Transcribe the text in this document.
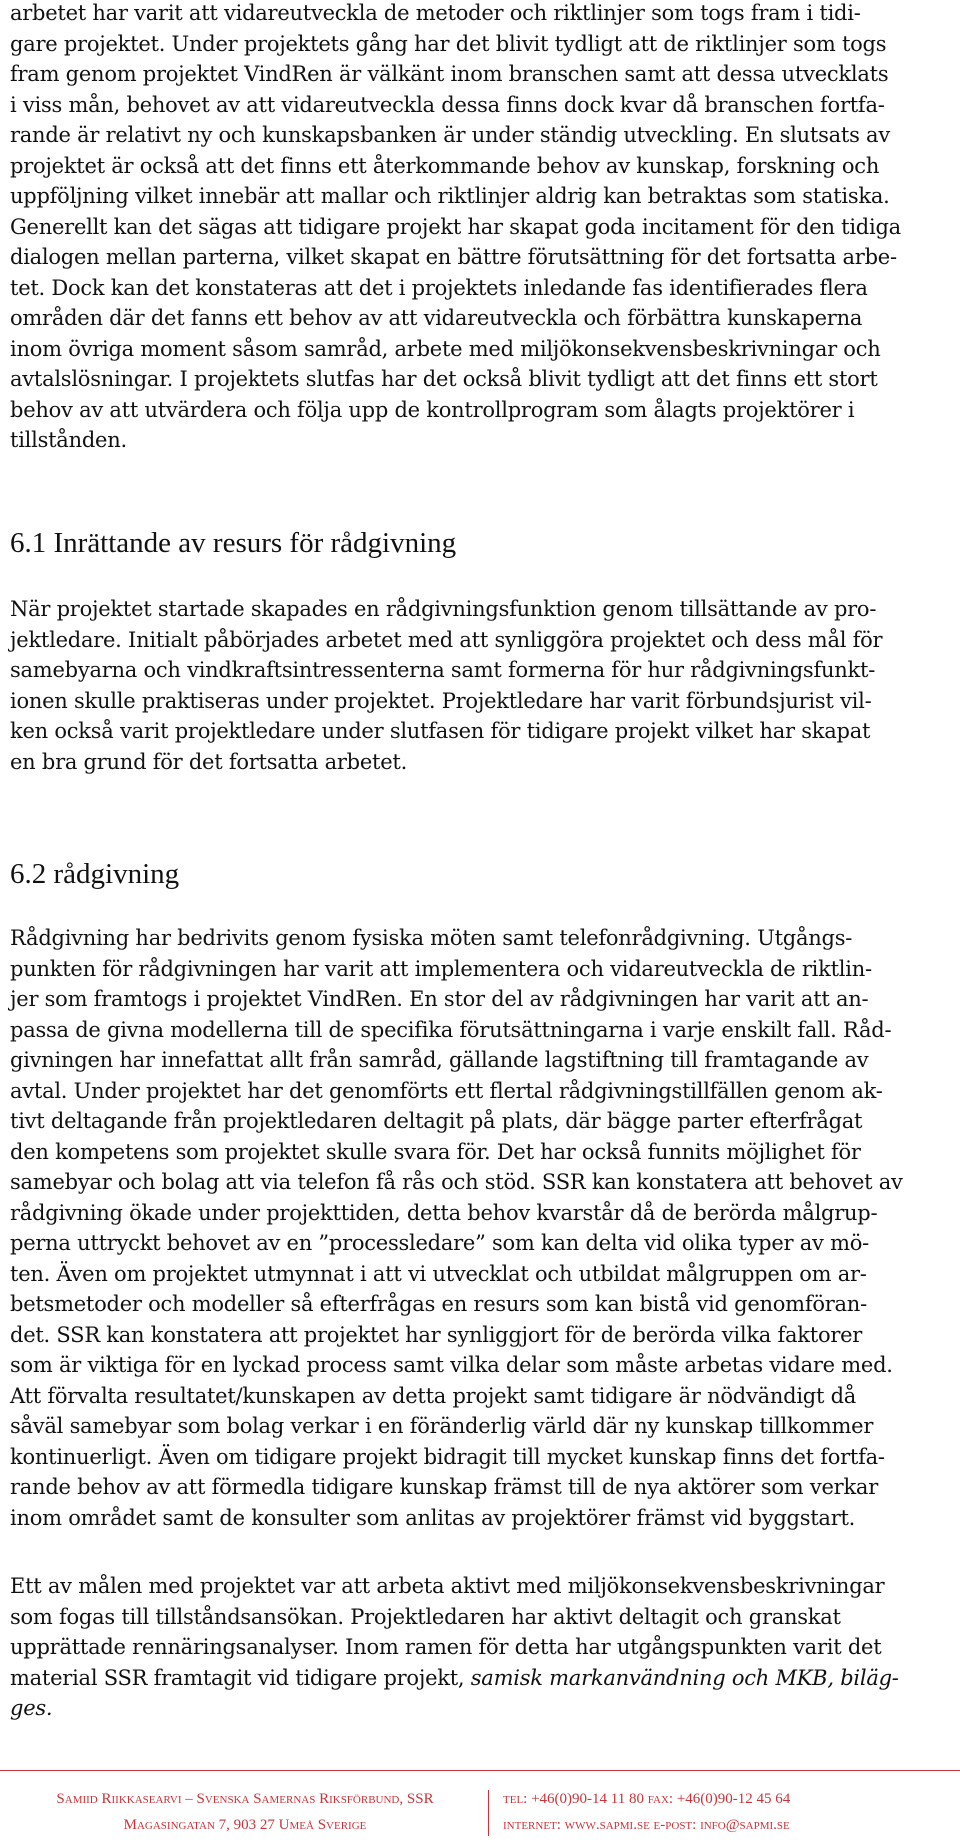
arbetet har varit att vidareutveckla de metoder och riktlinjer som togs fram i tidi-
gare projektet. Under projektets gång har det blivit tydligt att de riktlinjer som togs
fram genom projektet VindRen är välkänt inom branschen samt att dessa utvecklats
i viss mån, behovet av att vidareutveckla dessa finns dock kvar då branschen fortfa-
rande är relativt ny och kunskapsbanken är under ständig utveckling. En slutsats av
projektet är också att det finns ett återkommande behov av kunskap, forskning och
uppföljning vilket innebär att mallar och riktlinjer aldrig kan betraktas som statiska.
Generellt kan det sägas att tidigare projekt har skapat goda incitament för den tidiga
dialogen mellan parterna, vilket skapat en bättre förutsättning för det fortsatta arbe-
tet. Dock kan det konstateras att det i projektets inledande fas identifierades flera
områden där det fanns ett behov av att vidareutveckla och förbättra kunskaperna
inom övriga moment såsom samråd, arbete med miljökonsekvensbeskrivningar och
avtalslösningar. I projektets slutfas har det också blivit tydligt att det finns ett stort
behov av att utvärdera och följa upp de kontrollprogram som ålagts projektörer i
tillstånden.
6.1 Inrättande av resurs för rådgivning
När projektet startade skapades en rådgivningsfunktion genom tillsättande av pro-
jektledare. Initialt påbörjades arbetet med att synliggöra projektet och dess mål för
samebyarna och vindkraftsintressenterna samt formerna för hur rådgivningsfunkt-
ionen skulle praktiseras under projektet. Projektledare har varit förbundsjurist vil-
ken också varit projektledare under slutfasen för tidigare projekt vilket har skapat
en bra grund för det fortsatta arbetet.
6.2 rådgivning
Rådgivning har bedrivits genom fysiska möten samt telefonrådgivning. Utgångs-
punkten för rådgivningen har varit att implementera och vidareutveckla de riktlin-
jer som framtogs i projektet VindRen. En stor del av rådgivningen har varit att an-
passa de givna modellerna till de specifika förutsättningarna i varje enskilt fall. Råd-
givningen har innefattat allt från samråd, gällande lagstiftning till framtagande av
avtal. Under projektet har det genomförts ett flertal rådgivningstillfällen genom ak-
tivt deltagande från projektledaren deltagit på plats, där bägge parter efterfrågat
den kompetens som projektet skulle svara för. Det har också funnits möjlighet för
samebyar och bolag att via telefon få rås och stöd. SSR kan konstatera att behovet av
rådgivning ökade under projekttiden, detta behov kvarstår då de berörda målgrup-
perna uttryckt behovet av en ”processledare” som kan delta vid olika typer av mö-
ten. Även om projektet utmynnat i att vi utvecklat och utbildat målgruppen om ar-
betsmetoder och modeller så efterfrågas en resurs som kan bistå vid genomföran-
det. SSR kan konstatera att projektet har synliggjort för de berörda vilka faktorer
som är viktiga för en lyckad process samt vilka delar som måste arbetas vidare med.
Att förvalta resultatet/kunskapen av detta projekt samt tidigare är nödvändigt då
såväl samebyar som bolag verkar i en föränderlig värld där ny kunskap tillkommer
kontinuerligt. Även om tidigare projekt bidragit till mycket kunskap finns det fortfa-
rande behov av att förmedla tidigare kunskap främst till de nya aktörer som verkar
inom området samt de konsulter som anlitas av projektörer främst vid byggstart.
Ett av målen med projektet var att arbeta aktivt med miljökonsekvensbeskrivningar
som fogas till tillståndsansökan. Projektledaren har aktivt deltagit och granskat
upprättade rennäringsanalyser. Inom ramen för detta har utgångspunkten varit det
material SSR framtagit vid tidigare projekt, samisk markanvändning och MKB, biläg-
ges.
Samiid Riikkasearvi – Svenska Samernas Riksförbund, SSR
Magasingatan 7, 903 27 Umeå Sverige
tel: +46(0)90-14 11 80 fax: +46(0)90-12 45 64
internet: www.sapmi.se e-post: info@sapmi.se
